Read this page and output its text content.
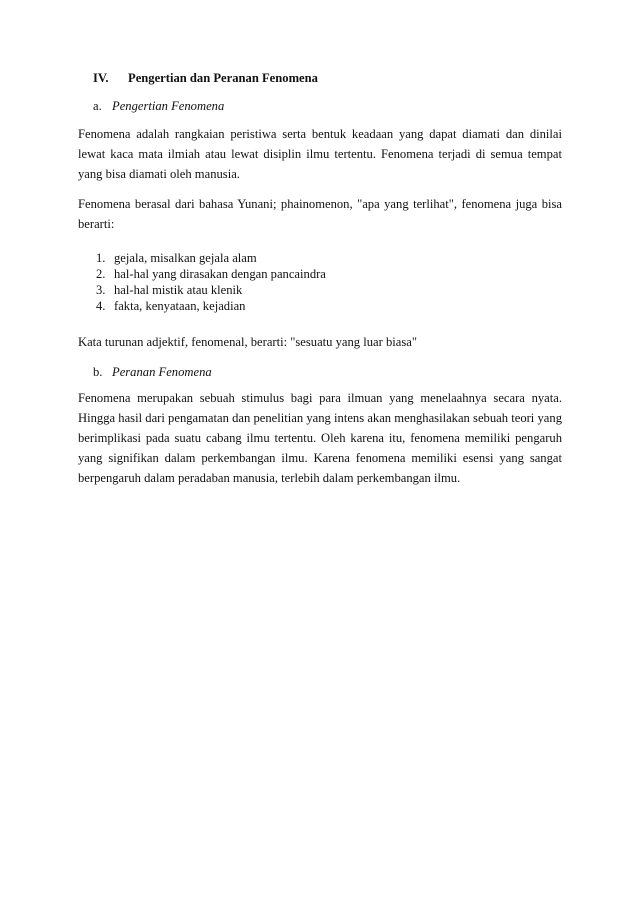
IV.	Pengertian dan Peranan Fenomena
a. Pengertian Fenomena

Fenomena adalah rangkaian peristiwa serta bentuk keadaan yang dapat diamati dan dinilai lewat kaca mata ilmiah atau lewat disiplin ilmu tertentu. Fenomena terjadi di semua tempat yang bisa diamati oleh manusia.

Fenomena berasal dari bahasa Yunani; phainomenon, "apa yang terlihat", fenomena juga bisa berarti:

1. gejala, misalkan gejala alam
2. hal-hal yang dirasakan dengan pancaindra
3. hal-hal mistik atau klenik
4. fakta, kenyataan, kejadian

Kata turunan adjektif, fenomenal, berarti: "sesuatu yang luar biasa"

b. Peranan Fenomena

Fenomena merupakan sebuah stimulus bagi para ilmuan yang menelaahnya secara nyata. Hingga hasil dari pengamatan dan penelitian yang intens akan menghasilakan sebuah teori yang berimplikasi pada suatu cabang ilmu tertentu. Oleh karena itu, fenomena memiliki pengaruh yang signifikan dalam perkembangan ilmu. Karena fenomena memiliki esensi yang sangat berpengaruh dalam peradaban manusia, terlebih dalam perkembangan ilmu.
